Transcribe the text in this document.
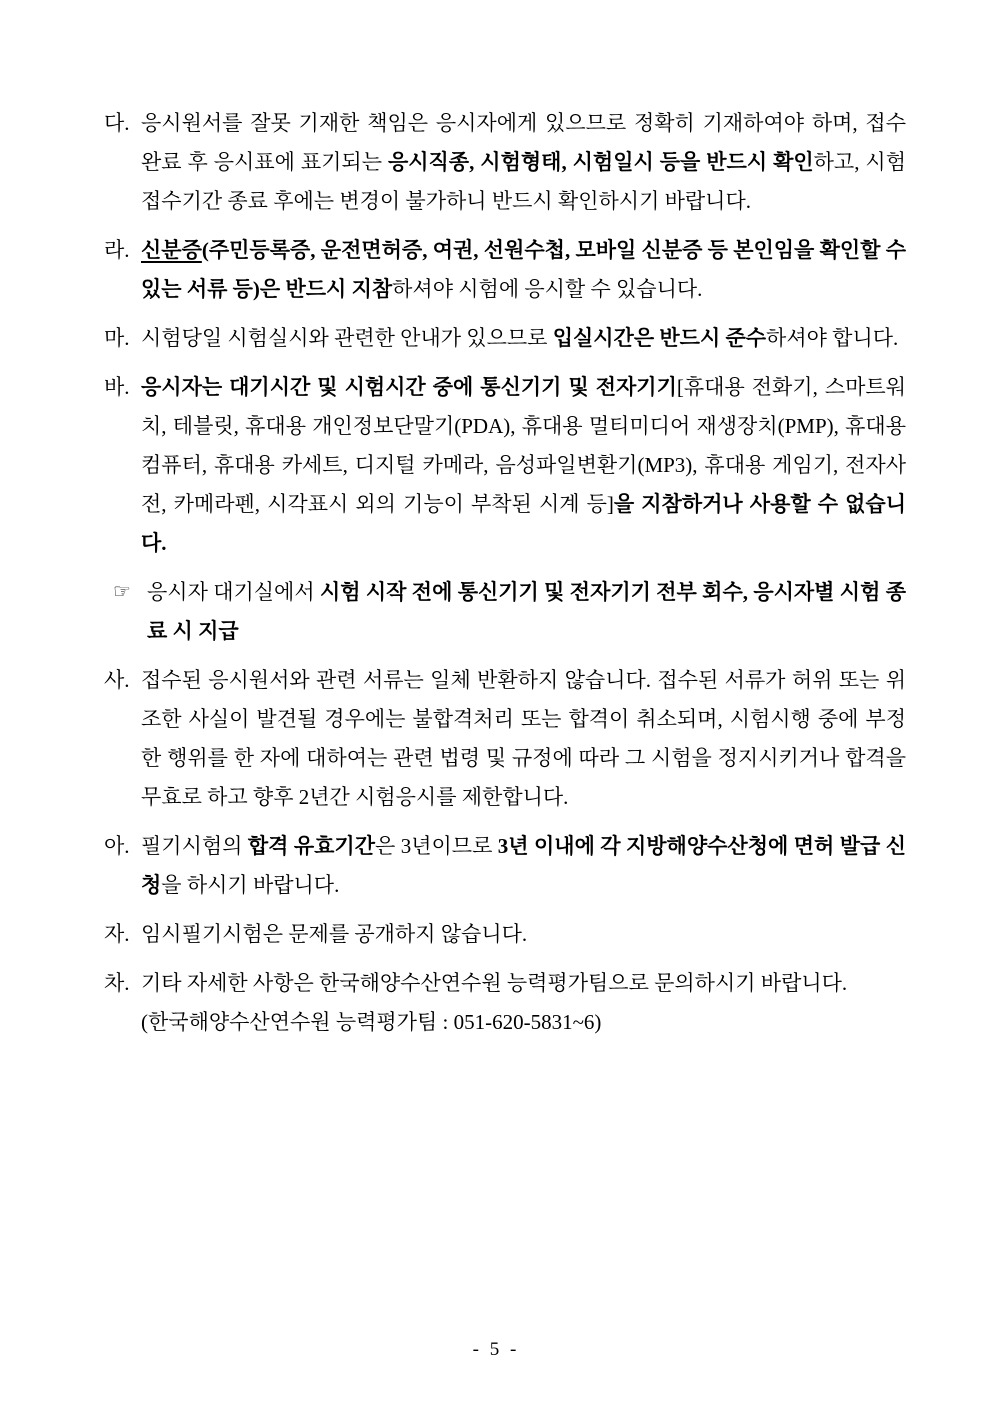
다. 응시원서를 잘못 기재한 책임은 응시자에게 있으므로 정확히 기재하여야 하며, 접수 완료 후 응시표에 표기되는 응시직종, 시험형태, 시험일시 등을 반드시 확인하고, 시험 접수기간 종료 후에는 변경이 불가하니 반드시 확인하시기 바랍니다.
라. 신분증(주민등록증, 운전면허증, 여권, 선원수첩, 모바일 신분증 등 본인임을 확인할 수 있는 서류 등)은 반드시 지참하셔야 시험에 응시할 수 있습니다.
마. 시험당일 시험실시와 관련한 안내가 있으므로 입실시간은 반드시 준수하셔야 합니다.
바. 응시자는 대기시간 및 시험시간 중에 통신기기 및 전자기기[휴대용 전화기, 스마트워치, 테블릿, 휴대용 개인정보단말기(PDA), 휴대용 멀티미디어 재생장치(PMP), 휴대용 컴퓨터, 휴대용 카세트, 디지털 카메라, 음성파일변환기(MP3), 휴대용 게임기, 전자사전, 카메라펜, 시각표시 외의 기능이 부착된 시계 등]을 지참하거나 사용할 수 없습니다.
☞ 응시자 대기실에서 시험 시작 전에 통신기기 및 전자기기 전부 회수, 응시자별 시험 종료 시 지급
사. 접수된 응시원서와 관련 서류는 일체 반환하지 않습니다. 접수된 서류가 허위 또는 위조한 사실이 발견될 경우에는 불합격처리 또는 합격이 취소되며, 시험시행 중에 부정한 행위를 한 자에 대하여는 관련 법령 및 규정에 따라 그 시험을 정지시키거나 합격을 무효로 하고 향후 2년간 시험응시를 제한합니다.
아. 필기시험의 합격 유효기간은 3년이므로 3년 이내에 각 지방해양수산청에 면허 발급 신청을 하시기 바랍니다.
자. 임시필기시험은 문제를 공개하지 않습니다.
차. 기타 자세한 사항은 한국해양수산연수원 능력평가팀으로 문의하시기 바랍니다.
(한국해양수산연수원 능력평가팀 : 051-620-5831~6)
- 5 -
